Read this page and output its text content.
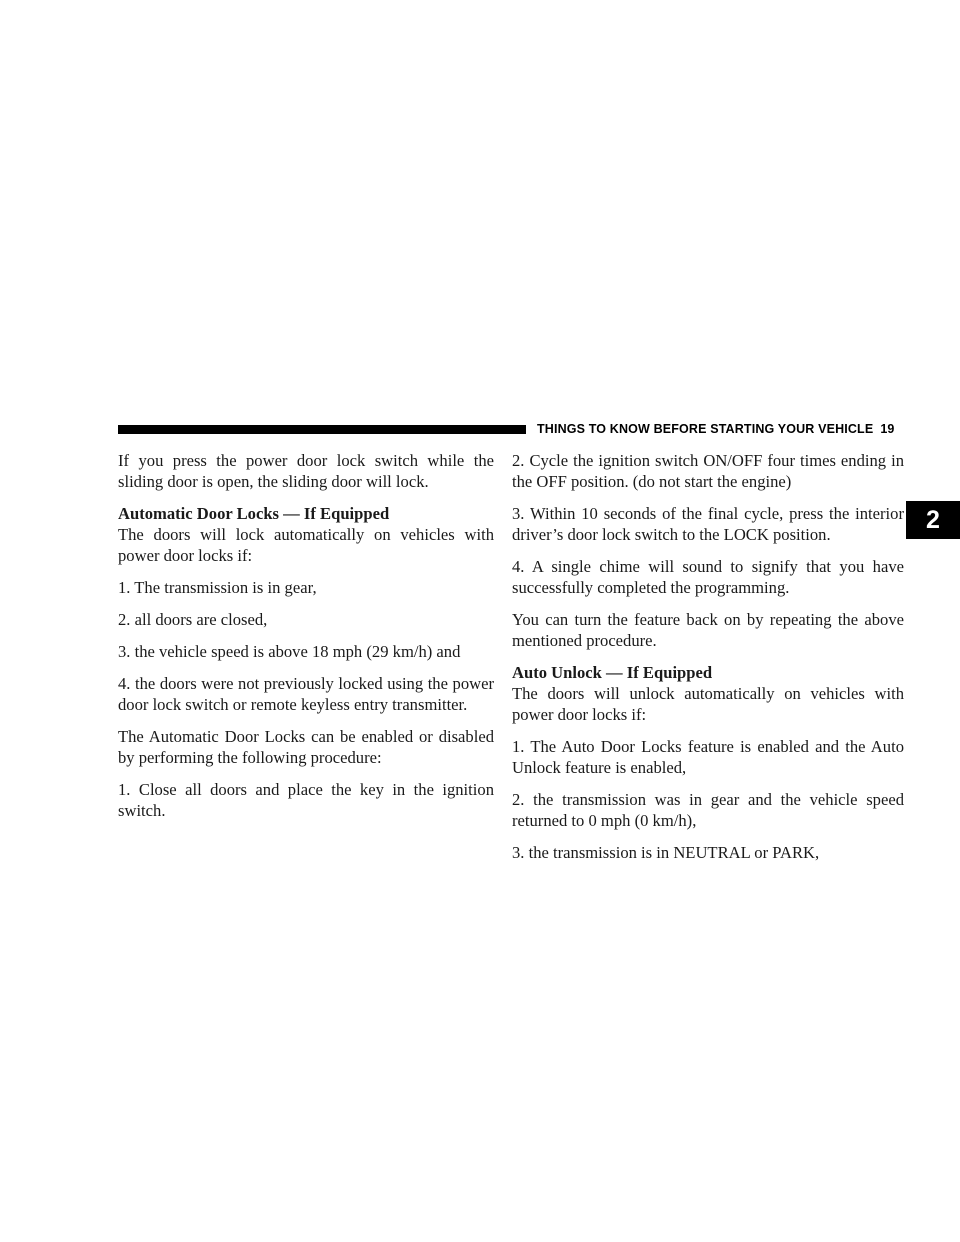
THINGS TO KNOW BEFORE STARTING YOUR VEHICLE 19
2

If you press the power door lock switch while the sliding door is open, the sliding door will lock.

Automatic Door Locks — If Equipped

The doors will lock automatically on vehicles with power door locks if:

1. The transmission is in gear,

2. all doors are closed,

3. the vehicle speed is above 18 mph (29 km/h) and

4. the doors were not previously locked using the power door lock switch or remote keyless entry transmitter.

The Automatic Door Locks can be enabled or disabled by performing the following procedure:

1. Close all doors and place the key in the ignition switch.

2. Cycle the ignition switch ON/OFF four times ending in the OFF position. (do not start the engine)

3. Within 10 seconds of the final cycle, press the interior driver’s door lock switch to the LOCK position.

4. A single chime will sound to signify that you have successfully completed the programming.

You can turn the feature back on by repeating the above mentioned procedure.

Auto Unlock — If Equipped

The doors will unlock automatically on vehicles with power door locks if:

1. The Auto Door Locks feature is enabled and the Auto Unlock feature is enabled,

2. the transmission was in gear and the vehicle speed returned to 0 mph (0 km/h),

3. the transmission is in NEUTRAL or PARK,
